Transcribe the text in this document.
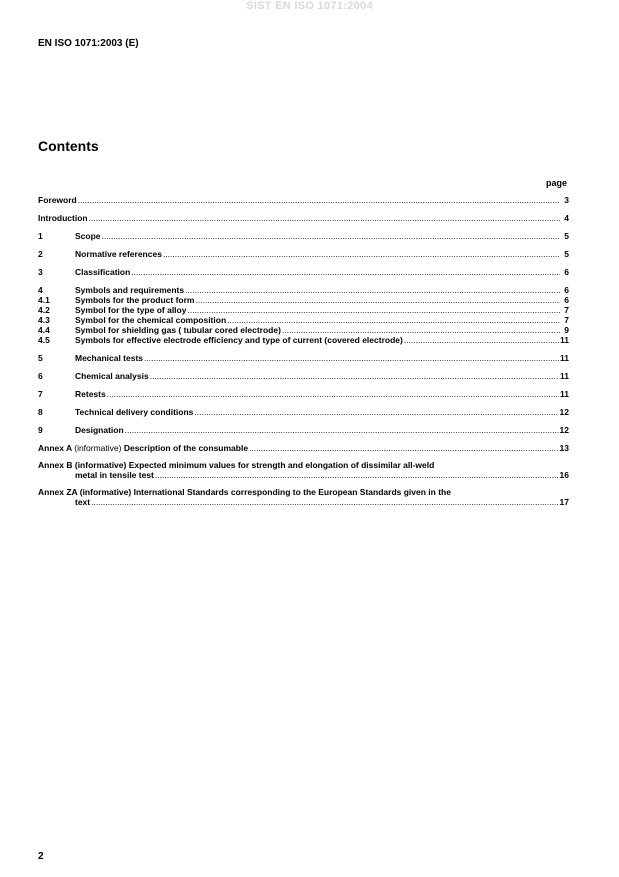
SIST EN ISO 1071:2004
EN ISO 1071:2003 (E)
Contents
page
Foreword .....	3
Introduction .....	4
1	Scope .....	5
2	Normative references .....	5
3	Classification .....	6
4	Symbols and requirements .....	6
4.1	Symbols for the product form .....	6
4.2	Symbol for the type of alloy .....	7
4.3	Symbol for the chemical composition .....	7
4.4	Symbol for shielding gas ( tubular cored electrode) .....	9
4.5	Symbols for effective electrode efficiency and type of current (covered electrode) .....	11
5	Mechanical tests .....	11
6	Chemical analysis .....	11
7	Retests .....	11
8	Technical delivery conditions .....	12
9	Designation .....	12
Annex A (informative) Description of the consumable .....	13
Annex B (informative) Expected minimum values for strength and elongation of dissimilar all-weld
metal in tensile test .....	16
Annex ZA (informative) International Standards corresponding to the European Standards given in the
text .....	17
2
